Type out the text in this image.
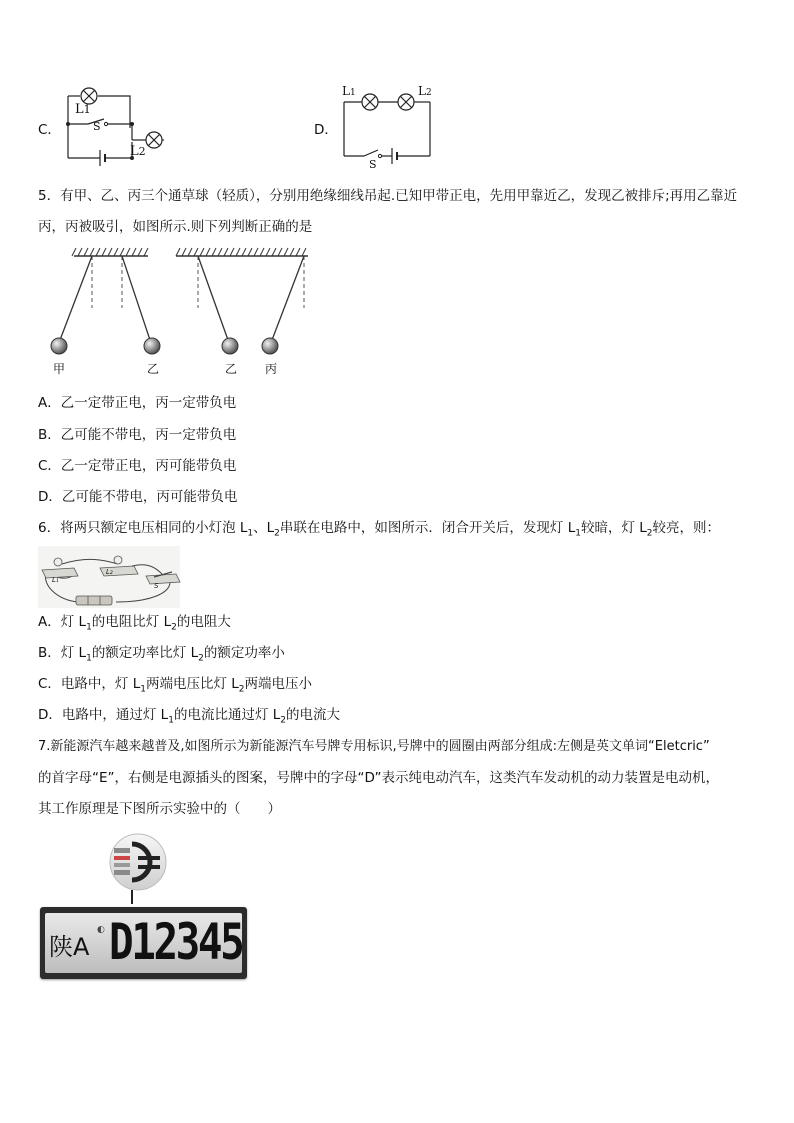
C．
L1
S
L2
D．
L1	L2
S
5．有甲、乙、丙三个通草球（轻质），分别用绝缘细线吊起.已知甲带正电，先用甲靠近乙，发现乙被排斥;再用乙靠近
丙，丙被吸引，如图所示.则下列判断正确的是
甲	乙	乙 丙
A．乙一定带正电，丙一定带负电
B．乙可能不带电，丙一定带负电
C．乙一定带正电，丙可能带负电
D．乙可能不带电，丙可能带负电
6．将两只额定电压相同的小灯泡 $L_1$、$L_2$串联在电路中，如图所示．闭合开关后，发现灯 $L_1$较暗，灯 $L_2$较亮，则：
L₁
L₂
S
A．灯 $L_1$的电阻比灯 $L_2$的电阻大
B．灯 $L_1$的额定功率比灯 $L_2$的额定功率小
C．电路中，灯 $L_1$两端电压比灯 $L_2$两端电压小
D．电路中，通过灯 $L_1$的电流比通过灯 $L_2$的电流大
7.新能源汽车越来越普及,如图所示为新能源汽车号牌专用标识,号牌中的圆圈由两部分组成:左侧是英文单词“Eletcric”
的首字母“E”，右侧是电源插头的图案，号牌中的字母“D”表示纯电动汽车，这类汽车发动机的动力装置是电动机，
其工作原理是下图所示实验中的（　　）
陕A
◐ D12345
